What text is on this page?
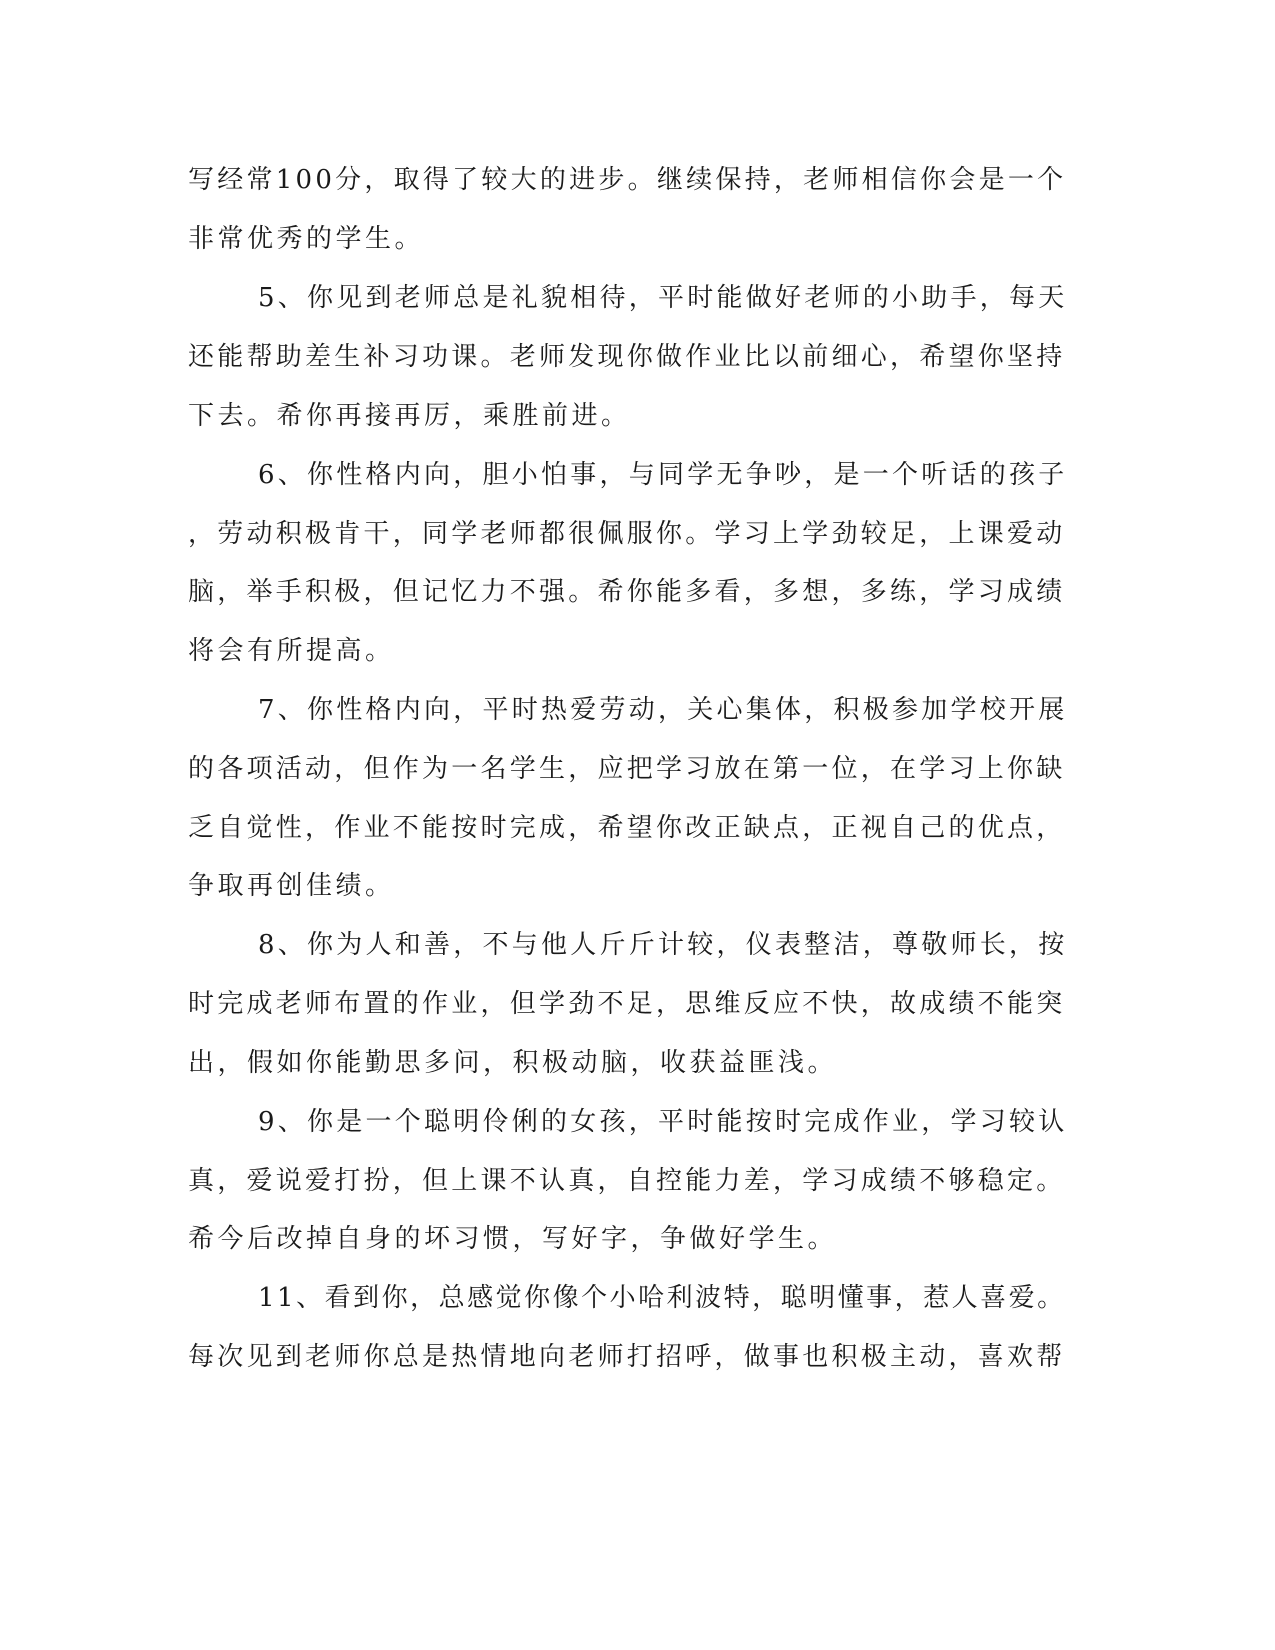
写经常100分，取得了较大的进步。继续保持，老师相信你会是一个
非常优秀的学生。
5、你见到老师总是礼貌相待，平时能做好老师的小助手，每天
还能帮助差生补习功课。老师发现你做作业比以前细心，希望你坚持
下去。希你再接再厉，乘胜前进。
6、你性格内向，胆小怕事，与同学无争吵，是一个听话的孩子
，劳动积极肯干，同学老师都很佩服你。学习上学劲较足，上课爱动
脑，举手积极，但记忆力不强。希你能多看，多想，多练，学习成绩
将会有所提高。
7、你性格内向，平时热爱劳动，关心集体，积极参加学校开展
的各项活动，但作为一名学生，应把学习放在第一位，在学习上你缺
乏自觉性，作业不能按时完成，希望你改正缺点，正视自己的优点，
争取再创佳绩。
8、你为人和善，不与他人斤斤计较，仪表整洁，尊敬师长，按
时完成老师布置的作业，但学劲不足，思维反应不快，故成绩不能突
出，假如你能勤思多问，积极动脑，收获益匪浅。
9、你是一个聪明伶俐的女孩，平时能按时完成作业，学习较认
真，爱说爱打扮，但上课不认真，自控能力差，学习成绩不够稳定。
希今后改掉自身的坏习惯，写好字，争做好学生。
11、看到你，总感觉你像个小哈利波特，聪明懂事，惹人喜爱。
每次见到老师你总是热情地向老师打招呼，做事也积极主动，喜欢帮
